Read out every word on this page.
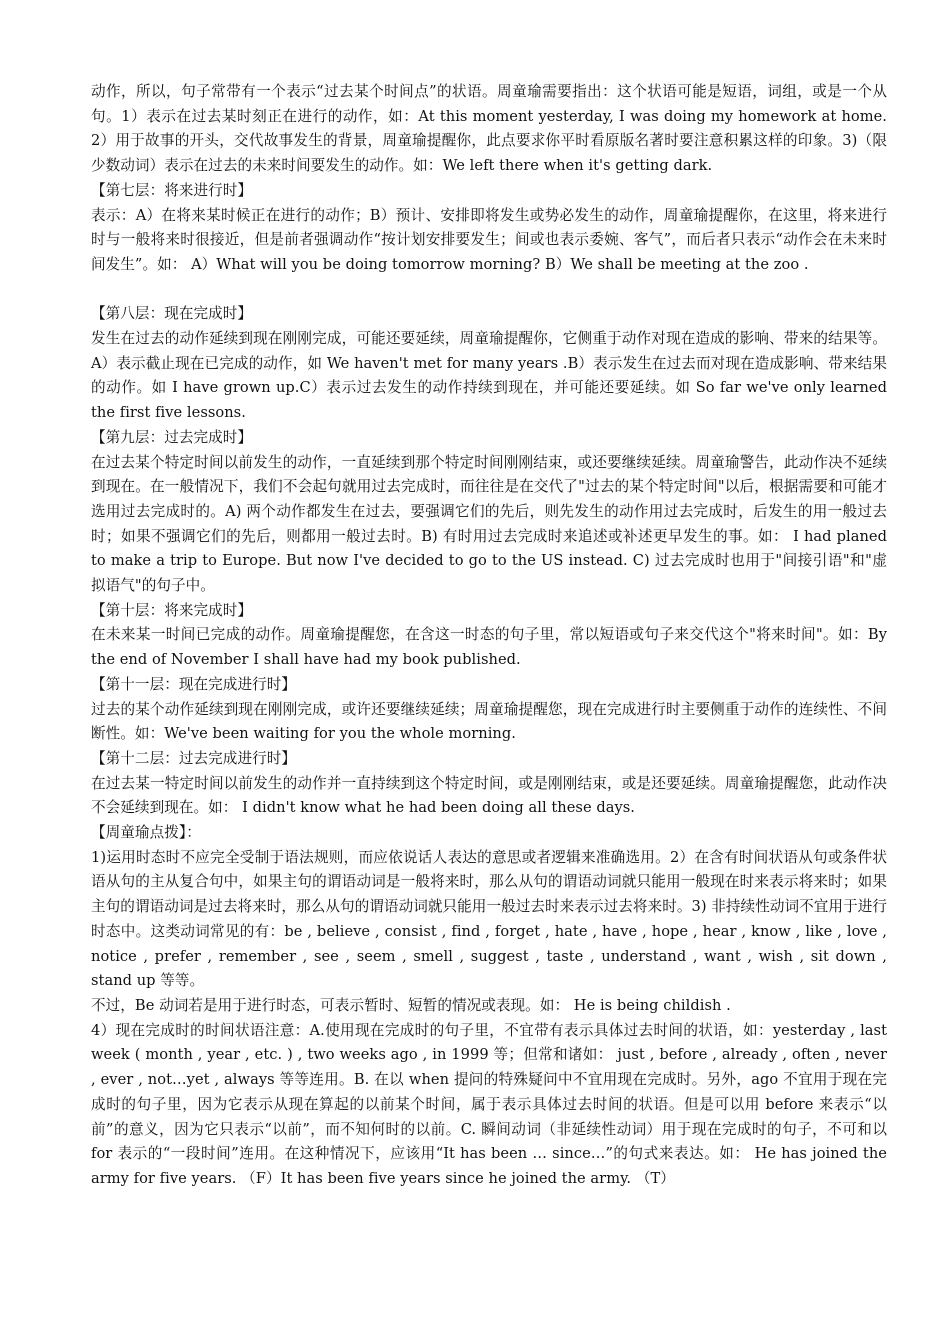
动作，所以，句子常带有一个表示“过去某个时间点”的状语。周童瑜需要指出：这个状语可能是短语，词组，或是一个从句。1）表示在过去某时刻正在进行的动作，如：At this moment yesterday, I was doing my homework at home. 2）用于故事的开头，交代故事发生的背景，周童瑜提醒你，此点要求你平时看原版名著时要注意积累这样的印象。3)（限少数动词）表示在过去的未来时间要发生的动作。如：We left there when it's getting dark.

【第七层：将来进行时】

表示：A）在将来某时候正在进行的动作；B）预计、安排即将发生或势必发生的动作，周童瑜提醒你，在这里，将来进行时与一般将来时很接近，但是前者强调动作“按计划安排要发生；间或也表示委婉、客气”，而后者只表示“动作会在未来时间发生”。如： A）What will you be doing tomorrow morning? B）We shall be meeting at the zoo .

【第八层：现在完成时】

发生在过去的动作延续到现在刚刚完成，可能还要延续，周童瑜提醒你，它侧重于动作对现在造成的影响、带来的结果等。A）表示截止现在已完成的动作，如 We haven't met for many years .B）表示发生在过去而对现在造成影响、带来结果的动作。如 I have grown up.C）表示过去发生的动作持续到现在，并可能还要延续。如 So far we've only learned the first five lessons.

【第九层：过去完成时】

在过去某个特定时间以前发生的动作，一直延续到那个特定时间刚刚结束，或还要继续延续。周童瑜警告，此动作决不延续到现在。在一般情况下，我们不会起句就用过去完成时，而往往是在交代了"过去的某个特定时间"以后，根据需要和可能才选用过去完成时的。A) 两个动作都发生在过去，要强调它们的先后，则先发生的动作用过去完成时，后发生的用一般过去时；如果不强调它们的先后，则都用一般过去时。B) 有时用过去完成时来追述或补述更早发生的事。如： I had planed to make a trip to Europe. But now I've decided to go to the US instead. C) 过去完成时也用于"间接引语"和"虚拟语气"的句子中。

【第十层：将来完成时】

在未来某一时间已完成的动作。周童瑜提醒您，在含这一时态的句子里，常以短语或句子来交代这个"将来时间"。如：By the end of November I shall have had my book published.

【第十一层：现在完成进行时】

过去的某个动作延续到现在刚刚完成，或许还要继续延续；周童瑜提醒您，现在完成进行时主要侧重于动作的连续性、不间断性。如：We've been waiting for you the whole morning.

【第十二层：过去完成进行时】

在过去某一特定时间以前发生的动作并一直持续到这个特定时间，或是刚刚结束，或是还要延续。周童瑜提醒您，此动作决不会延续到现在。如： I didn't know what he had been doing all these days.

【周童瑜点拨】：

1)运用时态时不应完全受制于语法规则，而应依说话人表达的意思或者逻辑来准确选用。2）在含有时间状语从句或条件状语从句的主从复合句中，如果主句的谓语动词是一般将来时，那么从句的谓语动词就只能用一般现在时来表示将来时；如果主句的谓语动词是过去将来时，那么从句的谓语动词就只能用一般过去时来表示过去将来时。3) 非持续性动词不宜用于进行时态中。这类动词常见的有：be , believe , consist , find , forget , hate , have , hope , hear , know , like , love , notice , prefer , remember , see , seem , smell , suggest , taste , understand , want , wish , sit down , stand up 等等。

不过，Be 动词若是用于进行时态，可表示暂时、短暂的情况或表现。如： He is being childish .

4）现在完成时的时间状语注意：A.使用现在完成时的句子里，不宜带有表示具体过去时间的状语，如：yesterday , last week ( month , year , etc. ) , two weeks ago , in 1999 等；但常和诸如： just , before , already , often , never , ever , not…yet , always 等等连用。B. 在以 when 提问的特殊疑问中不宜用现在完成时。另外，ago 不宜用于现在完成时的句子里，因为它表示从现在算起的以前某个时间，属于表示具体过去时间的状语。但是可以用 before 来表示“以前”的意义，因为它只表示“以前”，而不知何时的以前。C. 瞬间动词（非延续性动词）用于现在完成时的句子，不可和以 for 表示的“一段时间”连用。在这种情况下，应该用“It has been … since…”的句式来表达。如： He has joined the army for five years. （F）It has been five years since he joined the army. （T）
